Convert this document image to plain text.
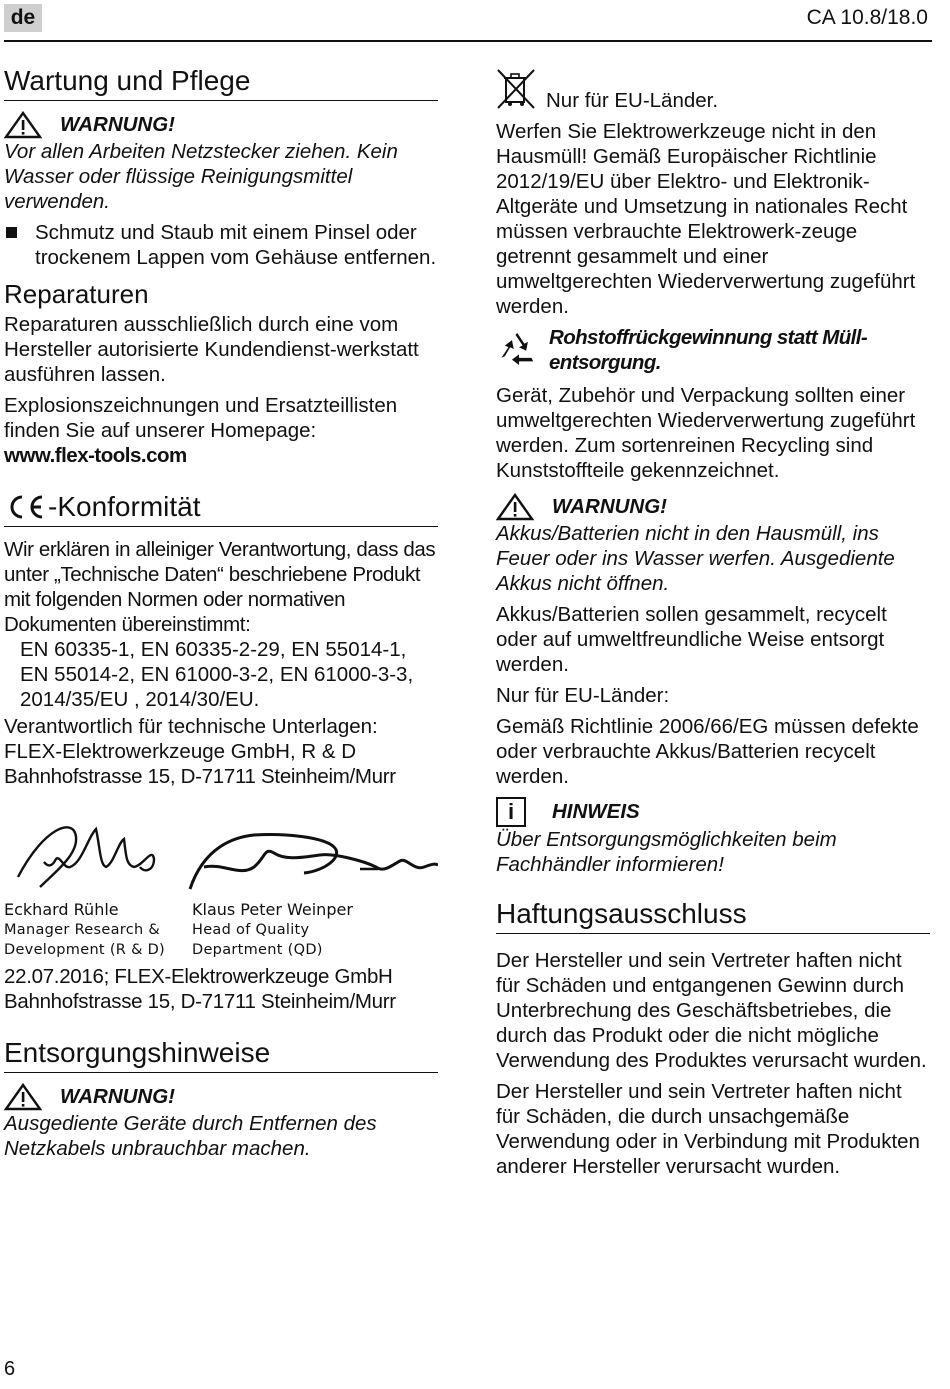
de	CA 10.8/18.0
Wartung und Pflege
WARNUNG!
Vor allen Arbeiten Netzstecker ziehen. Kein Wasser oder flüssige Reinigungsmittel verwenden.
Schmutz und Staub mit einem Pinsel oder trockenem Lappen vom Gehäuse entfernen.
Reparaturen
Reparaturen ausschließlich durch eine vom Hersteller autorisierte Kundendienst-werkstatt ausführen lassen.
Explosionszeichnungen und Ersatzteillisten finden Sie auf unserer Homepage:
www.flex-tools.com
-Konformität
Wir erklären in alleiniger Verantwortung, dass das unter „Technische Daten“ beschriebene Produkt mit folgenden Normen oder normativen Dokumenten übereinstimmt:
EN 60335-1, EN 60335-2-29, EN 55014-1, EN 55014-2, EN 61000-3-2, EN 61000-3-3, 2014/35/EU , 2014/30/EU.
Verantwortlich für technische Unterlagen:
FLEX-Elektrowerkzeuge GmbH, R & D
Bahnhofstrasse 15, D-71711 Steinheim/Murr
Eckhard Rühle	Klaus Peter Weinper
Manager Research & Development (R & D)
Head of Quality Department (QD)
22.07.2016; FLEX-Elektrowerkzeuge GmbH
Bahnhofstrasse 15, D-71711 Steinheim/Murr
Entsorgungshinweise
WARNUNG!
Ausgediente Geräte durch Entfernen des Netzkabels unbrauchbar machen.
Nur für EU-Länder.
Werfen Sie Elektrowerkzeuge nicht in den Hausmüll! Gemäß Europäischer Richtlinie 2012/19/EU über Elektro- und Elektronik-Altgeräte und Umsetzung in nationales Recht müssen verbrauchte Elektrowerk-zeuge getrennt gesammelt und einer umweltgerechten Wiederverwertung zugeführt werden.
Rohstoffrückgewinnung statt Müll-entsorgung.
Gerät, Zubehör und Verpackung sollten einer umweltgerechten Wiederverwertung zugeführt werden. Zum sortenreinen Recycling sind Kunststoffteile gekennzeichnet.
WARNUNG!
Akkus/Batterien nicht in den Hausmüll, ins Feuer oder ins Wasser werfen. Ausgediente Akkus nicht öffnen.
Akkus/Batterien sollen gesammelt, recycelt oder auf umweltfreundliche Weise entsorgt werden.
Nur für EU-Länder:
Gemäß Richtlinie 2006/66/EG müssen defekte oder verbrauchte Akkus/Batterien recycelt werden.
i	HINWEIS
Über Entsorgungsmöglichkeiten beim Fachhändler informieren!
Haftungsausschluss
Der Hersteller und sein Vertreter haften nicht für Schäden und entgangenen Gewinn durch Unterbrechung des Geschäftsbetriebes, die durch das Produkt oder die nicht mögliche Verwendung des Produktes verursacht wurden.
Der Hersteller und sein Vertreter haften nicht für Schäden, die durch unsachgemäße Verwendung oder in Verbindung mit Produkten anderer Hersteller verursacht wurden.
6
